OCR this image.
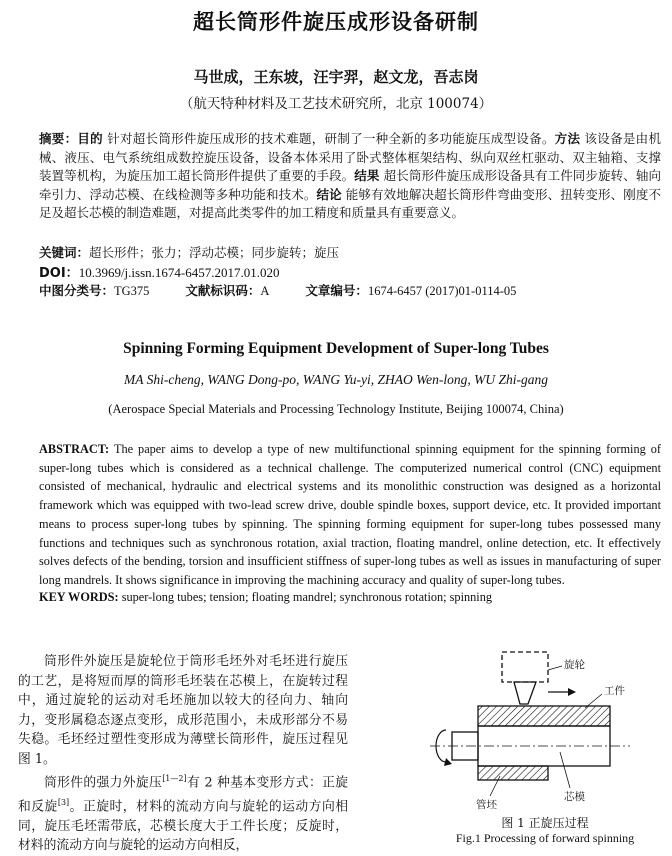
超长筒形件旋压成形设备研制
马世成，王东坡，汪宇羿，赵文龙，吾志岗
（航天特种材料及工艺技术研究所，北京 100074）

摘要：目的 针对超长筒形件旋压成形的技术难题，研制了一种全新的多功能旋压成型设备。方法 该设备是由机械、液压、电气系统组成数控旋压设备，设备本体采用了卧式整体框架结构、纵向双丝杠驱动、双主轴箱、支撑装置等机构，为旋压加工超长筒形件提供了重要的手段。结果 超长筒形件旋压成形设备具有工件同步旋转、轴向牵引力、浮动芯模、在线检测等多种功能和技术。结论 能够有效地解决超长筒形件弯曲变形、扭转变形、刚度不足及超长芯模的制造难题，对提高此类零件的加工精度和质量具有重要意义。

关键词：超长形件；张力；浮动芯模；同步旋转；旋压
DOI：10.3969/j.issn.1674-6457.2017.01.020
中图分类号：TG375	文献标识码：A	文章编号：1674-6457 (2017)01-0114-05
Spinning Forming Equipment Development of Super-long Tubes
MA Shi-cheng, WANG Dong-po, WANG Yu-yi, ZHAO Wen-long, WU Zhi-gang
(Aerospace Special Materials and Processing Technology Institute, Beijing 100074, China)

ABSTRACT: The paper aims to develop a type of new multifunctional spinning equipment for the spinning forming of super-long tubes which is considered as a technical challenge. The computerized numerical control (CNC) equipment consisted of mechanical, hydraulic and electrical systems and its monolithic construction was designed as a horizontal framework which was equipped with two-lead screw drive, double spindle boxes, support device, etc. It provided important means to process super-long tubes by spinning. The spinning forming equipment for super-long tubes possessed many functions and techniques such as synchronous rotation, axial traction, floating mandrel, online detection, etc. It effectively solves defects of the bending, torsion and insufficient stiffness of super-long tubes as well as issues in manufacturing of super long mandrels. It shows significance in improving the machining accuracy and quality of super-long tubes.

KEY WORDS: super-long tubes; tension; floating mandrel; synchronous rotation; spinning

筒形件外旋压是旋轮位于筒形毛坯外对毛坯进行旋压的工艺，是将短而厚的筒形毛坯装在芯模上，在旋转过程中，通过旋轮的运动对毛坯施加以较大的径向力、轴向力，变形属稳态逐点变形，成形范围小，未成形部分不易失稳。毛坯经过塑性变形成为薄壁长筒形件，旋压过程见图 1。

筒形件的强力外旋压[1—2]有 2 种基本变形方式：正旋和反旋[3]。正旋时，材料的流动方向与旋轮的运动方向相同，旋压毛坯需带底，芯模长度大于工件长度；反旋时，材料的流动方向与旋轮的运动方向相反，

旋轮
工件
管坯
芯模
图 1 正旋压过程
Fig.1 Processing of forward spinning
